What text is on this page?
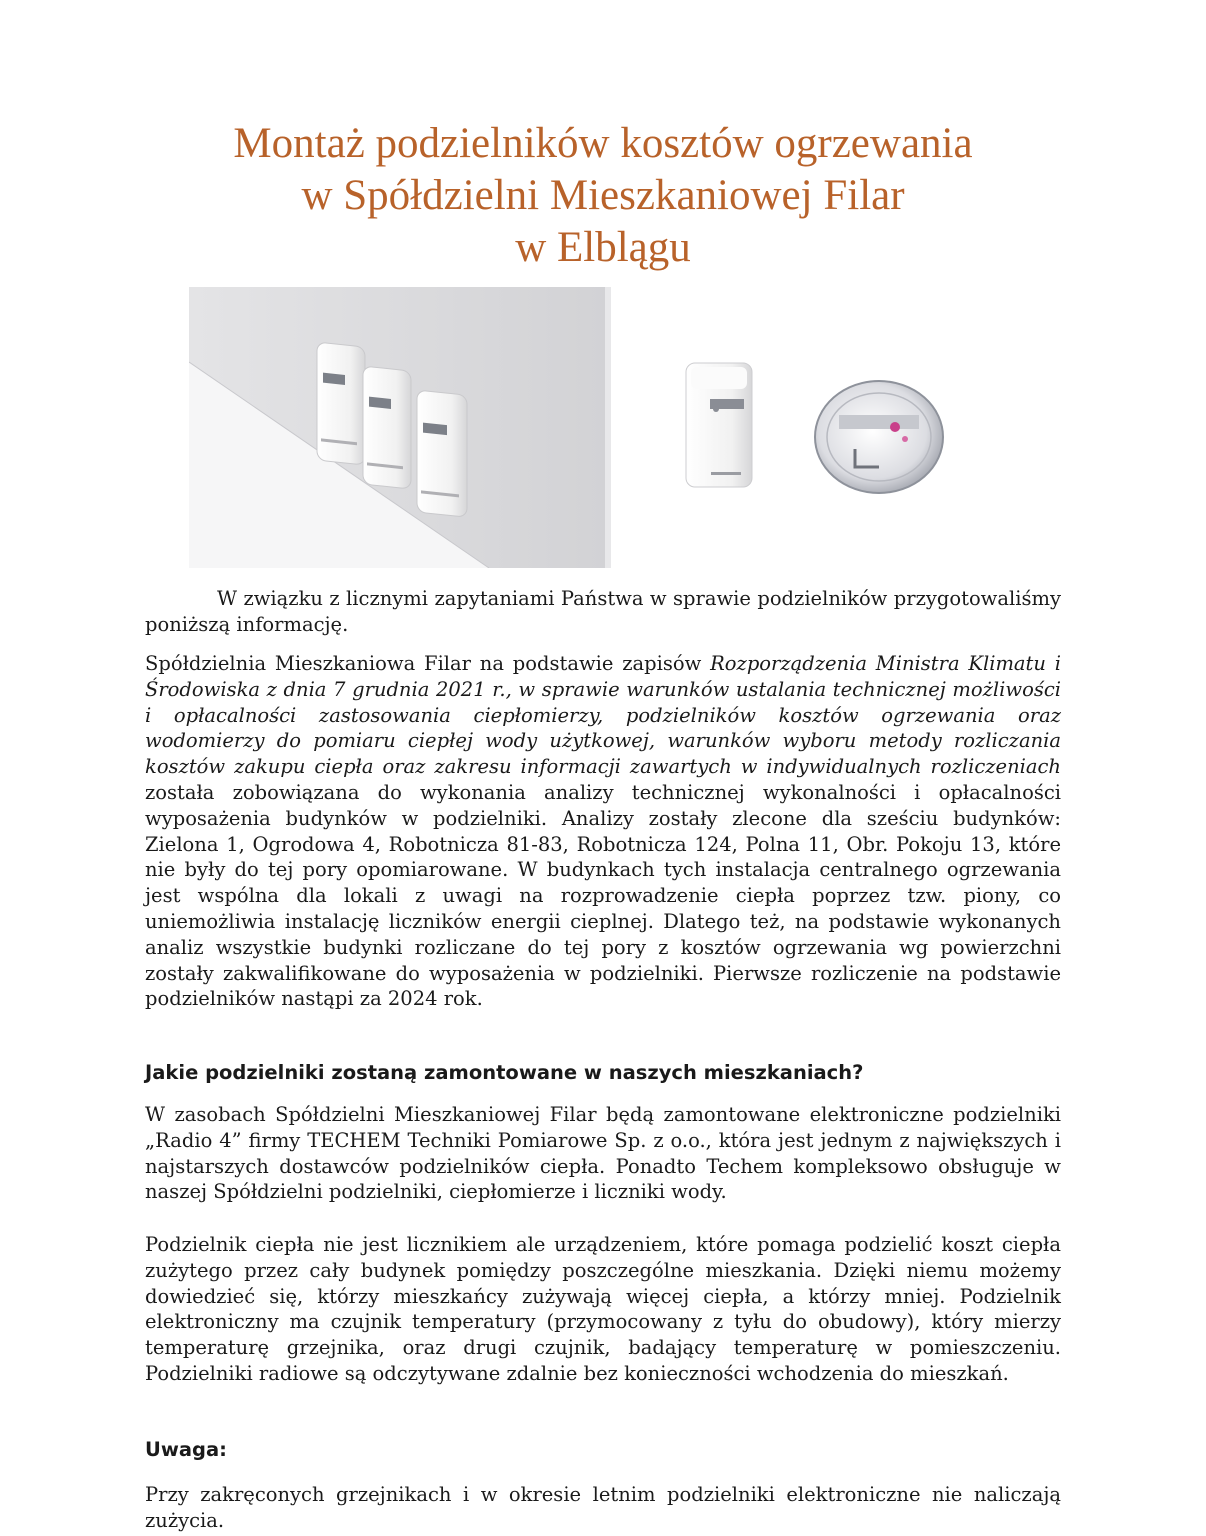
Montaż podzielników kosztów ogrzewania
w Spółdzielni Mieszkaniowej Filar
w Elblągu

W związku z licznymi zapytaniami Państwa w sprawie podzielników przygotowaliśmy poniższą informację.

Spółdzielnia Mieszkaniowa Filar na podstawie zapisów Rozporządzenia Ministra Klimatu i Środowiska z dnia 7 grudnia 2021 r., w sprawie warunków ustalania technicznej możliwości i opłacalności zastosowania ciepłomierzy, podzielników kosztów ogrzewania oraz wodomierzy do pomiaru ciepłej wody użytkowej, warunków wyboru metody rozliczania kosztów zakupu ciepła oraz zakresu informacji zawartych w indywidualnych rozliczeniach została zobowiązana do wykonania analizy technicznej wykonalności i opłacalności wyposażenia budynków w podzielniki. Analizy zostały zlecone dla sześciu budynków: Zielona 1, Ogrodowa 4, Robotnicza 81-83, Robotnicza 124, Polna 11, Obr. Pokoju 13, które nie były do tej pory opomiarowane. W budynkach tych instalacja centralnego ogrzewania jest wspólna dla lokali z uwagi na rozprowadzenie ciepła poprzez tzw. piony, co uniemożliwia instalację liczników energii cieplnej. Dlatego też, na podstawie wykonanych analiz wszystkie budynki rozliczane do tej pory z kosztów ogrzewania wg powierzchni zostały zakwalifikowane do wyposażenia w podzielniki. Pierwsze rozliczenie na podstawie podzielników nastąpi za 2024 rok.

Jakie podzielniki zostaną zamontowane w naszych mieszkaniach?

W zasobach Spółdzielni Mieszkaniowej Filar będą zamontowane elektroniczne podzielniki „Radio 4” firmy TECHEM Techniki Pomiarowe Sp. z o.o., która jest jednym z największych i najstarszych dostawców podzielników ciepła. Ponadto Techem kompleksowo obsługuje w naszej Spółdzielni podzielniki, ciepłomierze i liczniki wody.

Podzielnik ciepła nie jest licznikiem ale urządzeniem, które pomaga podzielić koszt ciepła zużytego przez cały budynek pomiędzy poszczególne mieszkania. Dzięki niemu możemy dowiedzieć się, którzy mieszkańcy zużywają więcej ciepła, a którzy mniej. Podzielnik elektroniczny ma czujnik temperatury (przymocowany z tyłu do obudowy), który mierzy temperaturę grzejnika, oraz drugi czujnik, badający temperaturę w pomieszczeniu. Podzielniki radiowe są odczytywane zdalnie bez konieczności wchodzenia do mieszkań.

Uwaga:

Przy zakręconych grzejnikach i w okresie letnim podzielniki elektroniczne nie naliczają zużycia.
